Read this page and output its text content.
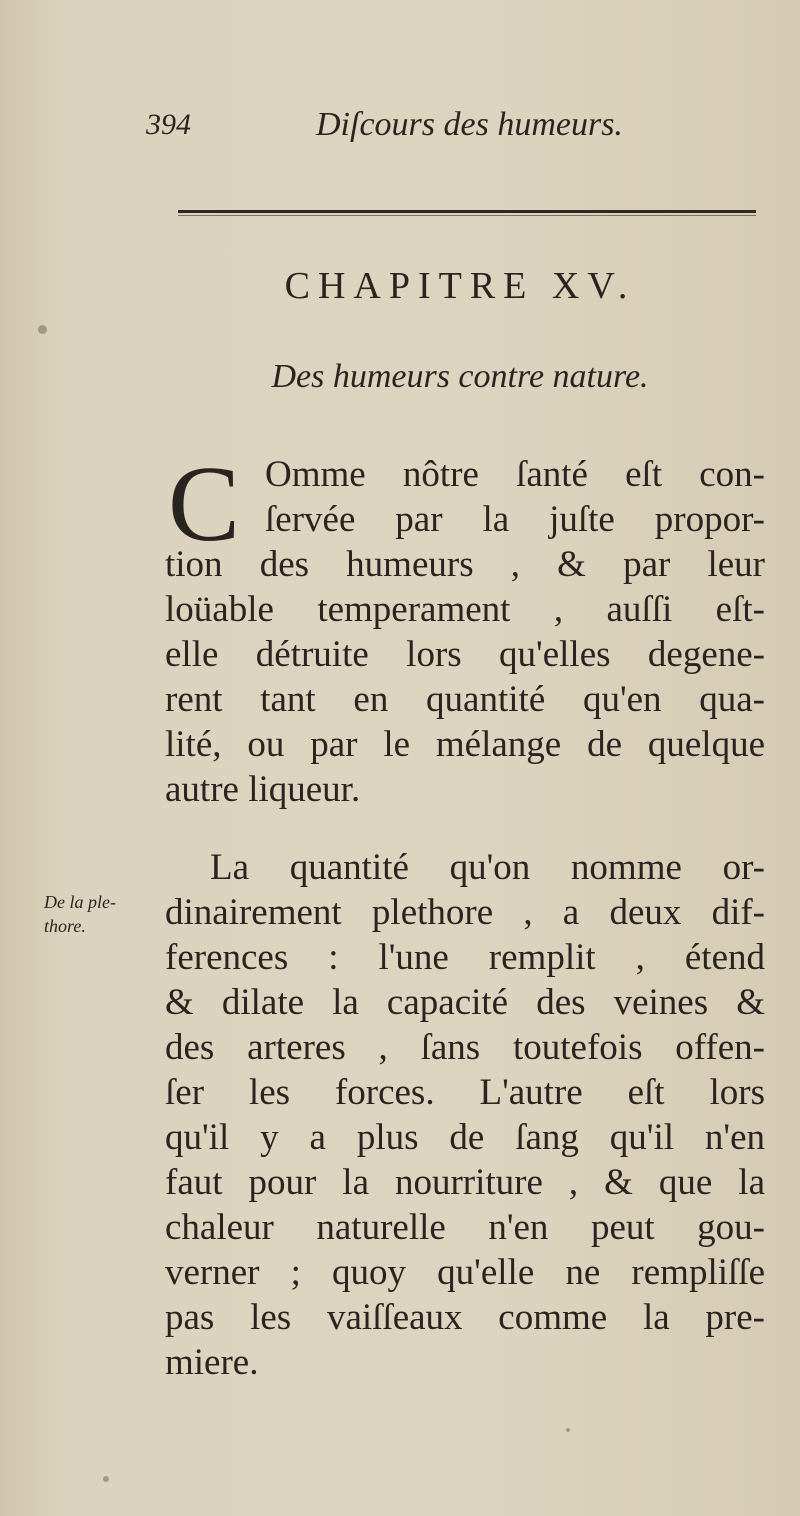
394	Diſcours des humeurs.
CHAPITRE XV.
Des humeurs contre nature.
C Omme nôtre ſanté eſt con-
ſervée par la juſte propor-
tion des humeurs , & par leur
loüable temperament , auſſi eſt-
elle détruite lors qu'elles degene-
rent tant en quantité qu'en qua-
lité, ou par le mélange de quelque
autre liqueur.
La quantité qu'on nomme or-
dinairement plethore , a deux dif-
ferences : l'une remplit , étend
& dilate la capacité des veines &
des arteres , ſans toutefois offen-
ſer les forces. L'autre eſt lors
qu'il y a plus de ſang qu'il n'en
faut pour la nourriture , & que la
chaleur naturelle n'en peut gou-
verner ; quoy qu'elle ne rempliſſe
pas les vaiſſeaux comme la pre-
miere.
De la ple-
thore.
